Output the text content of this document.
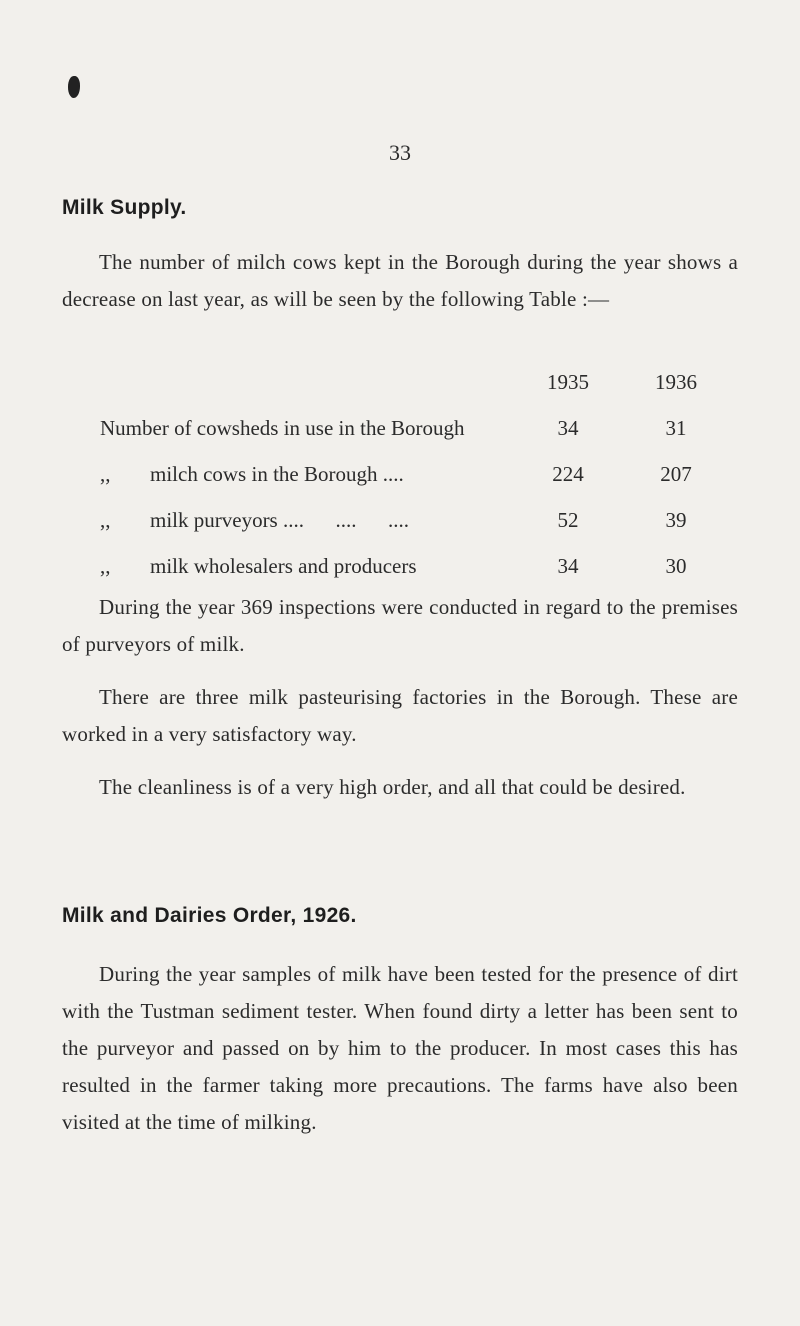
33
Milk Supply.
The number of milch cows kept in the Borough during the year shows a decrease on last year, as will be seen by the following Table :—
1935	1936
Number of cowsheds in use in the Borough	34	31
,, milch cows in the Borough ....	224	207
,, milk purveyors ....      ....      ....	52	39
,, milk wholesalers and producers	34	30
During the year 369 inspections were conducted in regard to the premises of purveyors of milk.
There are three milk pasteurising factories in the Borough. These are worked in a very satisfactory way.
The cleanliness is of a very high order, and all that could be desired.
Milk and Dairies Order, 1926.
During the year samples of milk have been tested for the presence of dirt with the Tustman sediment tester. When found dirty a letter has been sent to the purveyor and passed on by him to the producer. In most cases this has resulted in the farmer taking more precautions. The farms have also been visited at the time of milking.
